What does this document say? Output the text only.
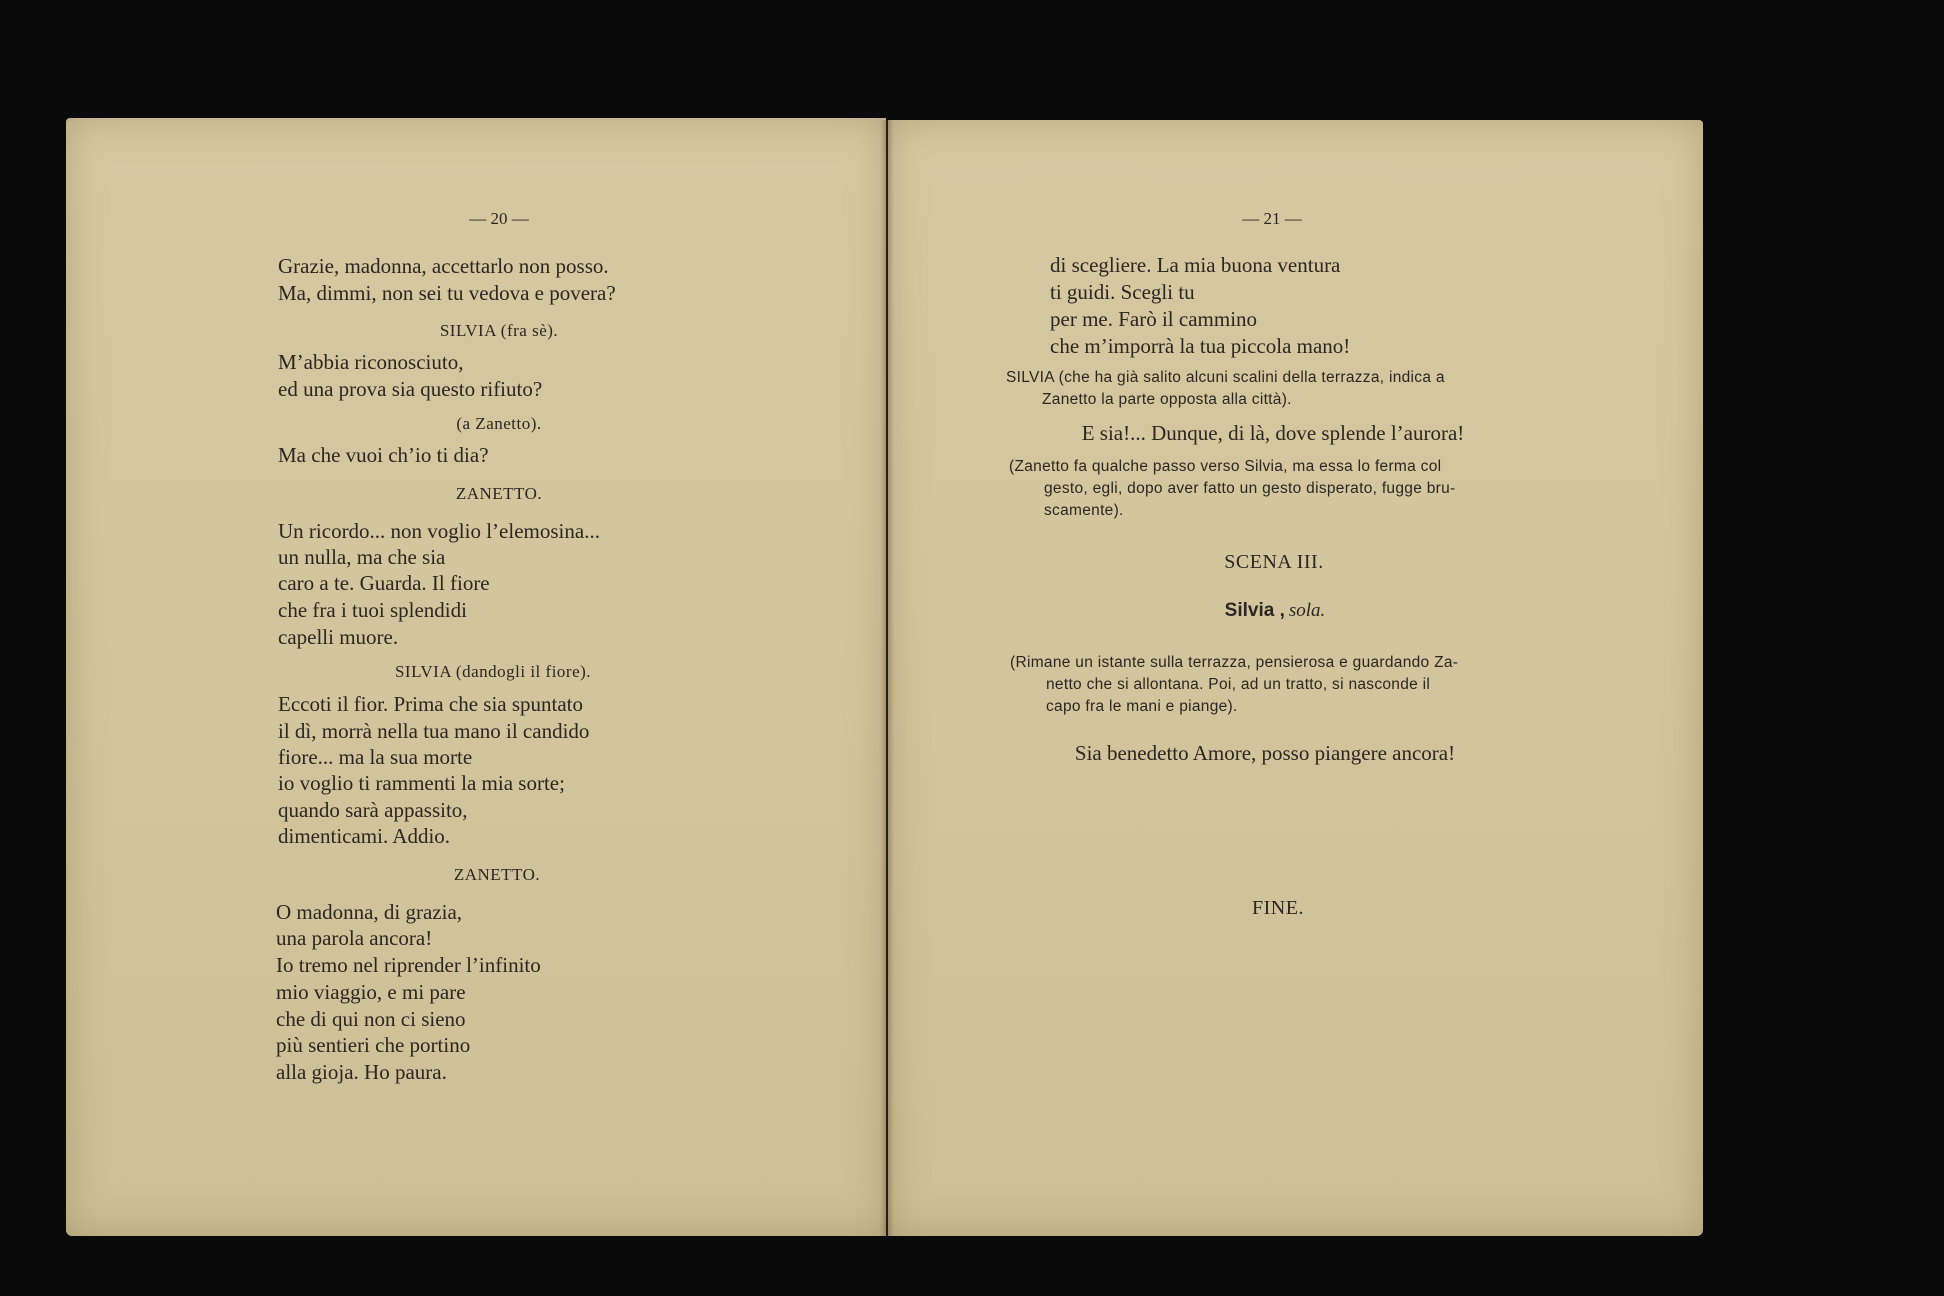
— 20 —
Grazie, madonna, accettarlo non posso.
Ma, dimmi, non sei tu vedova e povera?
SILVIA (fra sè).
M’abbia riconosciuto,
ed una prova sia questo rifiuto?
(a Zanetto).
Ma che vuoi ch’io ti dia?
ZANETTO.
Un ricordo... non voglio l’elemosina...
un nulla, ma che sia
caro a te. Guarda. Il fiore
che fra i tuoi splendidi
capelli muore.
SILVIA (dandogli il fiore).
Eccoti il fior. Prima che sia spuntato
il dì, morrà nella tua mano il candido
fiore... ma la sua morte
io voglio ti rammenti la mia sorte;
quando sarà appassito,
dimenticami. Addio.
ZANETTO.
O madonna, di grazia,
una parola ancora!
Io tremo nel riprender l’infinito
mio viaggio, e mi pare
che di qui non ci sieno
più sentieri che portino
alla gioja. Ho paura.
— 21 —
di scegliere. La mia buona ventura
ti guidi. Scegli tu
per me. Farò il cammino
che m’imporrà la tua piccola mano!
SILVIA (che ha già salito alcuni scalini della terrazza, indica a
Zanetto la parte opposta alla città).
E sia!... Dunque, di là, dove splende l’aurora!
(Zanetto fa qualche passo verso Silvia, ma essa lo ferma col
gesto, egli, dopo aver fatto un gesto disperato, fugge bru-
scamente).
SCENA III.
Silvia , sola.
(Rimane un istante sulla terrazza, pensierosa e guardando Za-
netto che si allontana. Poi, ad un tratto, si nasconde il
capo fra le mani e piange).
Sia benedetto Amore, posso piangere ancora!
FINE.
